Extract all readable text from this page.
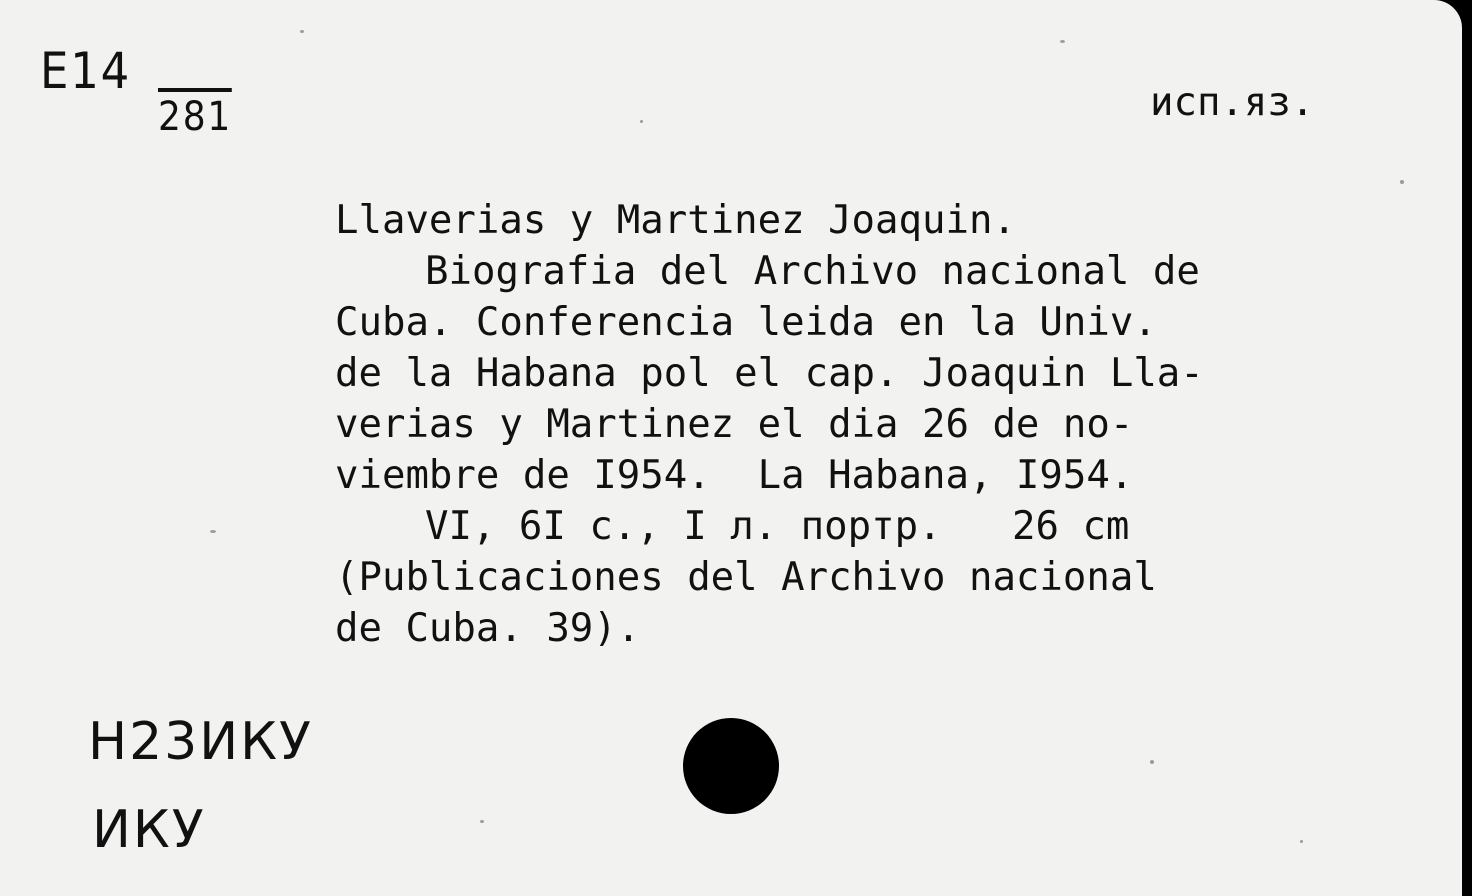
E14
281	исп.яз.
Llaverias y Martinez Joaquin.
Biografia del Archivo nacional de
Cuba. Conferencia leida en la Univ.
de la Habana pol el cap. Joaquin Lla-
verias y Martinez el dia 26 de no-
viembre de I954.  La Habana, I954.
VI, 6I c., I л. портр.   26 cm
(Publicaciones del Archivo nacional
de Cuba. 39).
H23ИКУ
ИКУ
